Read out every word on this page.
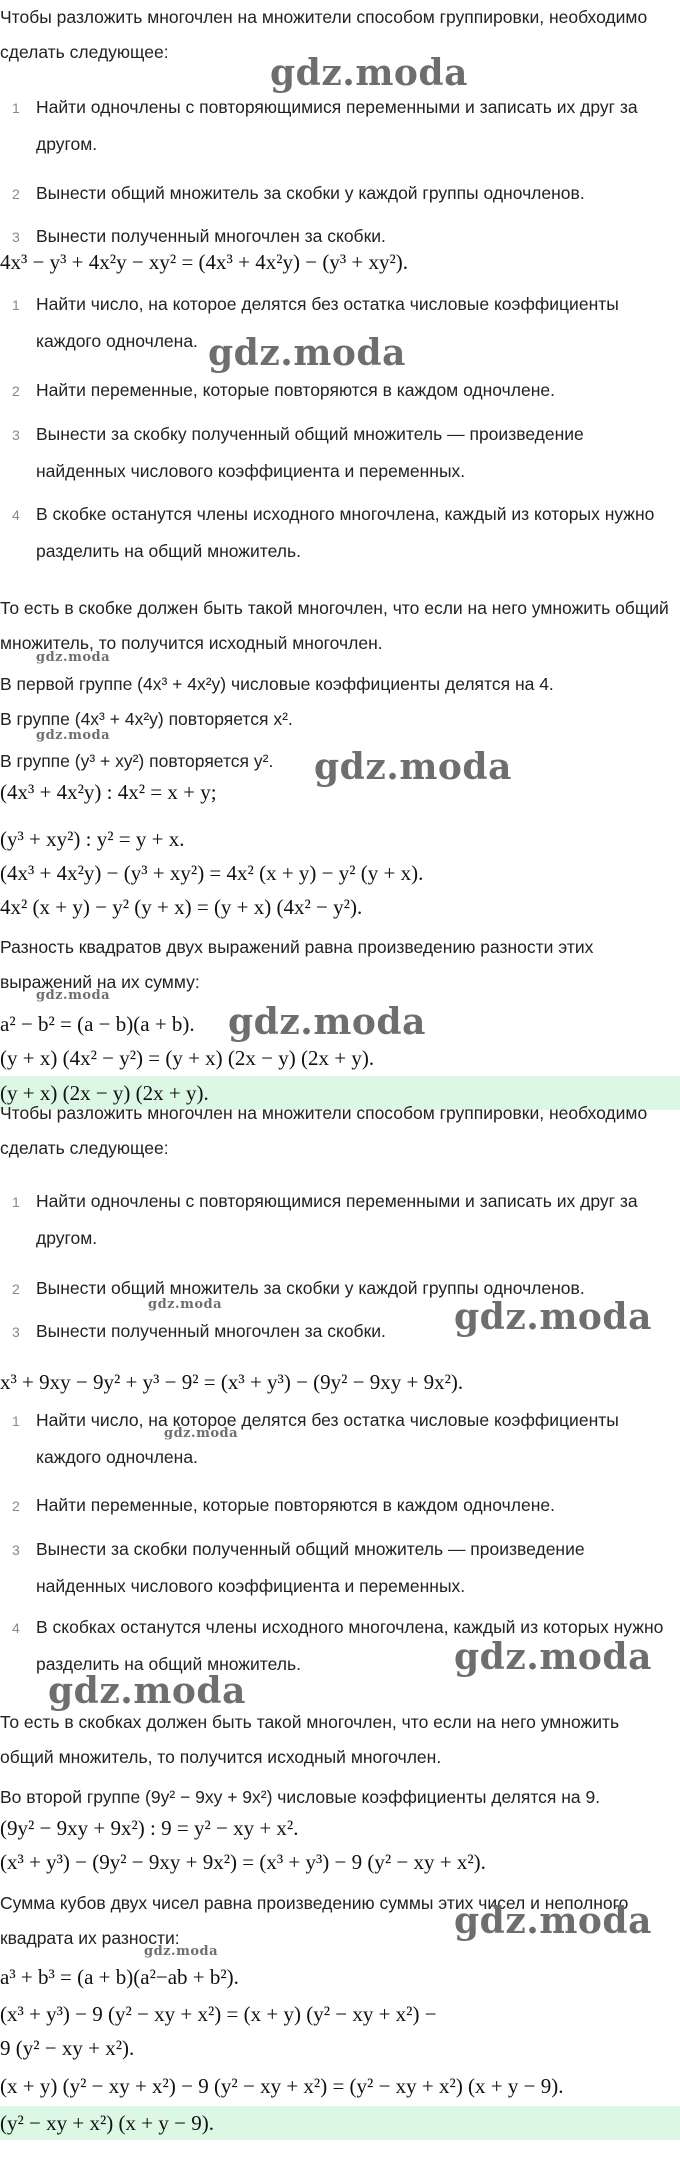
Чтобы разложить многочлен на множители способом группировки, необходимо сделать следующее:
1 Найти одночлены с повторяющимися переменными и записать их друг за другом.
2 Вынести общий множитель за скобки у каждой группы одночленов.
3 Вынести полученный многочлен за скобки.
4x³ − y³ + 4x²y − xy² = (4x³ + 4x²y) − (y³ + xy²).
1 Найти число, на которое делятся без остатка числовые коэффициенты каждого одночлена.
2 Найти переменные, которые повторяются в каждом одночлене.
3 Вынести за скобку полученный общий множитель — произведение найденных числового коэффициента и переменных.
4 В скобке останутся члены исходного многочлена, каждый из которых нужно разделить на общий множитель.
То есть в скобке должен быть такой многочлен, что если на него умножить общий множитель, то получится исходный многочлен.
В первой группе (4x³ + 4x²y) числовые коэффициенты делятся на 4.
В группе (4x³ + 4x²y) повторяется x².
В группе (y³ + xy²) повторяется y².
(4x³ + 4x²y) : 4x² = x + y;
(y³ + xy²) : y² = y + x.
(4x³ + 4x²y) − (y³ + xy²) = 4x² (x + y) − y² (y + x).
4x² (x + y) − y² (y + x) = (y + x) (4x² − y²).
Разность квадратов двух выражений равна произведению разности этих выражений на их сумму:
a² − b² = (a − b)(a + b).
(y + x) (4x² − y²) = (y + x) (2x − y) (2x + y).
(y + x) (2x − y) (2x + y).
Чтобы разложить многочлен на множители способом группировки, необходимо сделать следующее:
1 Найти одночлены с повторяющимися переменными и записать их друг за другом.
2 Вынести общий множитель за скобки у каждой группы одночленов.
3 Вынести полученный многочлен за скобки.
x³ + 9xy − 9y² + y³ − 9² = (x³ + y³) − (9y² − 9xy + 9x²).
1 Найти число, на которое делятся без остатка числовые коэффициенты каждого одночлена.
2 Найти переменные, которые повторяются в каждом одночлене.
3 Вынести за скобки полученный общий множитель — произведение найденных числового коэффициента и переменных.
4 В скобках останутся члены исходного многочлена, каждый из которых нужно разделить на общий множитель.
То есть в скобках должен быть такой многочлен, что если на него умножить общий множитель, то получится исходный многочлен.
Во второй группе (9y² − 9xy + 9x²) числовые коэффициенты делятся на 9.
(9y² − 9xy + 9x²) : 9 = y² − xy + x².
(x³ + y³) − (9y² − 9xy + 9x²) = (x³ + y³) − 9 (y² − xy + x²).
Сумма кубов двух чисел равна произведению суммы этих чисел и неполного квадрата их разности:
a³ + b³ = (a + b)(a²−ab + b²).
(x³ + y³) − 9 (y² − xy + x²) = (x + y) (y² − xy + x²) −
9 (y² − xy + x²).
(x + y) (y² − xy + x²) − 9 (y² − xy + x²) = (y² − xy + x²) (x + y − 9).
(y² − xy + x²) (x + y − 9).
gdz.moda
gdz.moda
gdz.moda
gdz.moda
gdz.moda
gdz.moda
gdz.moda
gdz.moda	gdz.moda
gdz.moda
gdz.moda
gdz.moda
gdz.moda
gdz.moda
